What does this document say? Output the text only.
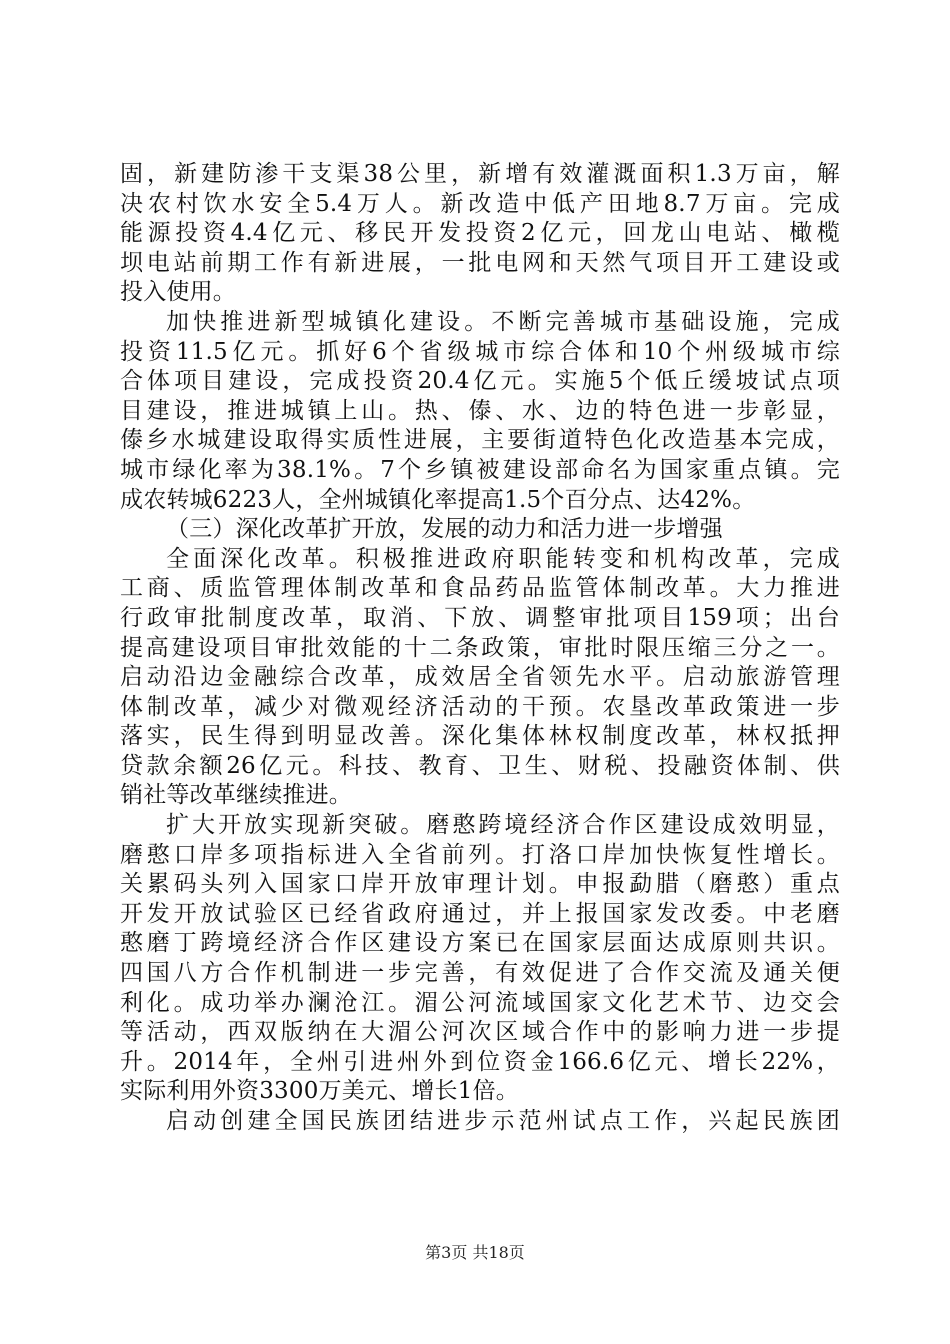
固，新建防渗干支渠38公里，新增有效灌溉面积1.3万亩，解
决农村饮水安全5.4万人。新改造中低产田地8.7万亩。完成
能源投资4.4亿元、移民开发投资2亿元，回龙山电站、橄榄
坝电站前期工作有新进展，一批电网和天然气项目开工建设或
投入使用。
加快推进新型城镇化建设。不断完善城市基础设施，完成
投资11.5亿元。抓好6个省级城市综合体和10个州级城市综
合体项目建设，完成投资20.4亿元。实施5个低丘缓坡试点项
目建设，推进城镇上山。热、傣、水、边的特色进一步彰显，
傣乡水城建设取得实质性进展，主要街道特色化改造基本完成，
城市绿化率为38.1%。7个乡镇被建设部命名为国家重点镇。完
成农转城6223人，全州城镇化率提高1.5个百分点、达42%。
（三）深化改革扩开放，发展的动力和活力进一步增强
全面深化改革。积极推进政府职能转变和机构改革，完成
工商、质监管理体制改革和食品药品监管体制改革。大力推进
行政审批制度改革，取消、下放、调整审批项目159项；出台
提高建设项目审批效能的十二条政策，审批时限压缩三分之一。
启动沿边金融综合改革，成效居全省领先水平。启动旅游管理
体制改革，减少对微观经济活动的干预。农垦改革政策进一步
落实，民生得到明显改善。深化集体林权制度改革，林权抵押
贷款余额26亿元。科技、教育、卫生、财税、投融资体制、供
销社等改革继续推进。
扩大开放实现新突破。磨憨跨境经济合作区建设成效明显，
磨憨口岸多项指标进入全省前列。打洛口岸加快恢复性增长。
关累码头列入国家口岸开放审理计划。申报勐腊（磨憨）重点
开发开放试验区已经省政府通过，并上报国家发改委。中老磨
憨磨丁跨境经济合作区建设方案已在国家层面达成原则共识。
四国八方合作机制进一步完善，有效促进了合作交流及通关便
利化。成功举办澜沧江。湄公河流域国家文化艺术节、边交会
等活动，西双版纳在大湄公河次区域合作中的影响力进一步提
升。2014年，全州引进州外到位资金166.6亿元、增长22%，
实际利用外资3300万美元、增长1倍。
启动创建全国民族团结进步示范州试点工作，兴起民族团
第3页 共18页
